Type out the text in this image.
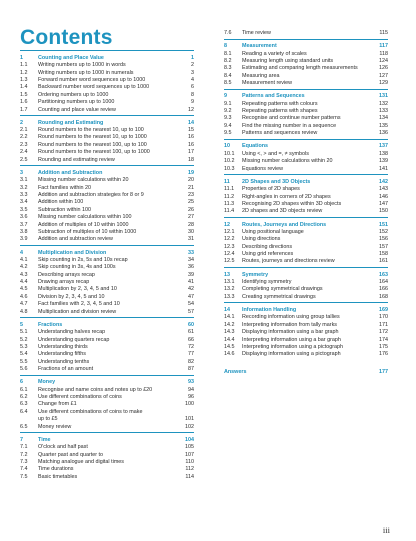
Contents
1	Counting and Place Value	1
1.1	Writing numbers up to 1000 in words	2
1.2	Writing numbers up to 1000 in numerals	3
1.3	Forward number word sequences up to 1000	4
1.4	Backward number word sequences up to 1000	6
1.5	Ordering numbers up to 1000	8
1.6	Partitioning numbers up to 1000	9
1.7	Counting and place value review	12
2	Rounding and Estimating	14
2.1	Round numbers to the nearest 10, up to 100	15
2.2	Round numbers to the nearest 10, up to 1000	16
2.3	Round numbers to the nearest 100, up to 100	16
2.4	Round numbers to the nearest 100, up to 1000	17
2.5	Rounding and estimating review	18
3	Addition and Subtraction	19
3.1	Missing number calculations within 20	20
3.2	Fact families within 20	21
3.3	Addition and subtraction strategies for 8 or 9	23
3.4	Addition within 100	25
3.5	Subtraction within 100	26
3.6	Missing number calculations within 100	27
3.7	Addition of multiples of 10 within 1000	28
3.8	Subtraction of multiples of 10 within 1000	30
3.9	Addition and subtraction review	31
4	Multiplication and Division	33
4.1	Skip counting in 2s, 5s and 10s recap	34
4.2	Skip counting in 3s, 4s and 100s	36
4.3	Describing arrays recap	39
4.4	Drawing arrays recap	41
4.5	Multiplication by 2, 3, 4, 5 and 10	42
4.6	Division by 2, 3, 4, 5 and 10	47
4.7	Fact families with 2, 3, 4, 5 and 10	54
4.8	Multiplication and division review	57
5	Fractions	60
5.1	Understanding halves recap	61
5.2	Understanding quarters recap	66
5.3	Understanding thirds	72
5.4	Understanding fifths	77
5.5	Understanding tenths	82
5.6	Fractions of an amount	87
6	Money	93
6.1	Recognise and name coins and notes up to £20	94
6.2	Use different combinations of coins	96
6.3	Change from £1	100
6.4	Use different combinations of coins to make
up to £5	101
6.5	Money review	102
7	Time	104
7.1	O'clock and half past	105
7.2	Quarter past and quarter to	107
7.3	Matching analogue and digital times	110
7.4	Time durations	112
7.5	Basic timetables	114
7.6	Time review	115
8	Measurement	117
8.1	Reading a variety of scales	118
8.2	Measuring length using standard units	124
8.3	Estimating and comparing length measurements	126
8.4	Measuring area	127
8.5	Measurement review	129
9	Patterns and Sequences	131
9.1	Repeating patterns with colours	132
9.2	Repeating patterns with shapes	133
9.3	Recognise and continue number patterns	134
9.4	Find the missing number in a sequence	135
9.5	Patterns and sequences review	136
10	Equations	137
10.1	Using <, > and =, ≠ symbols	138
10.2	Missing number calculations within 20	139
10.3	Equations review	141
11	2D Shapes and 3D Objects	142
11.1	Properties of 2D shapes	143
11.2	Right-angles in corners of 2D shapes	146
11.3	Recognising 2D shapes within 3D objects	147
11.4	2D shapes and 3D objects review	150
12	Routes, Journeys and Directions	151
12.1	Using positional language	152
12.2	Using directions	156
12.3	Describing directions	157
12.4	Using grid references	158
12.5	Routes, journeys and directions review	161
13	Symmetry	163
13.1	Identifying symmetry	164
13.2	Completing symmetrical drawings	166
13.3	Creating symmetrical drawings	168
14	Information Handling	169
14.1	Recording information using group tallies	170
14.2	Interpreting information from tally marks	171
14.3	Displaying information using a bar graph	172
14.4	Interpreting information using a bar graph	174
14.5	Interpreting information using a pictograph	175
14.6	Displaying information using a pictograph	176
Answers	177
iii
